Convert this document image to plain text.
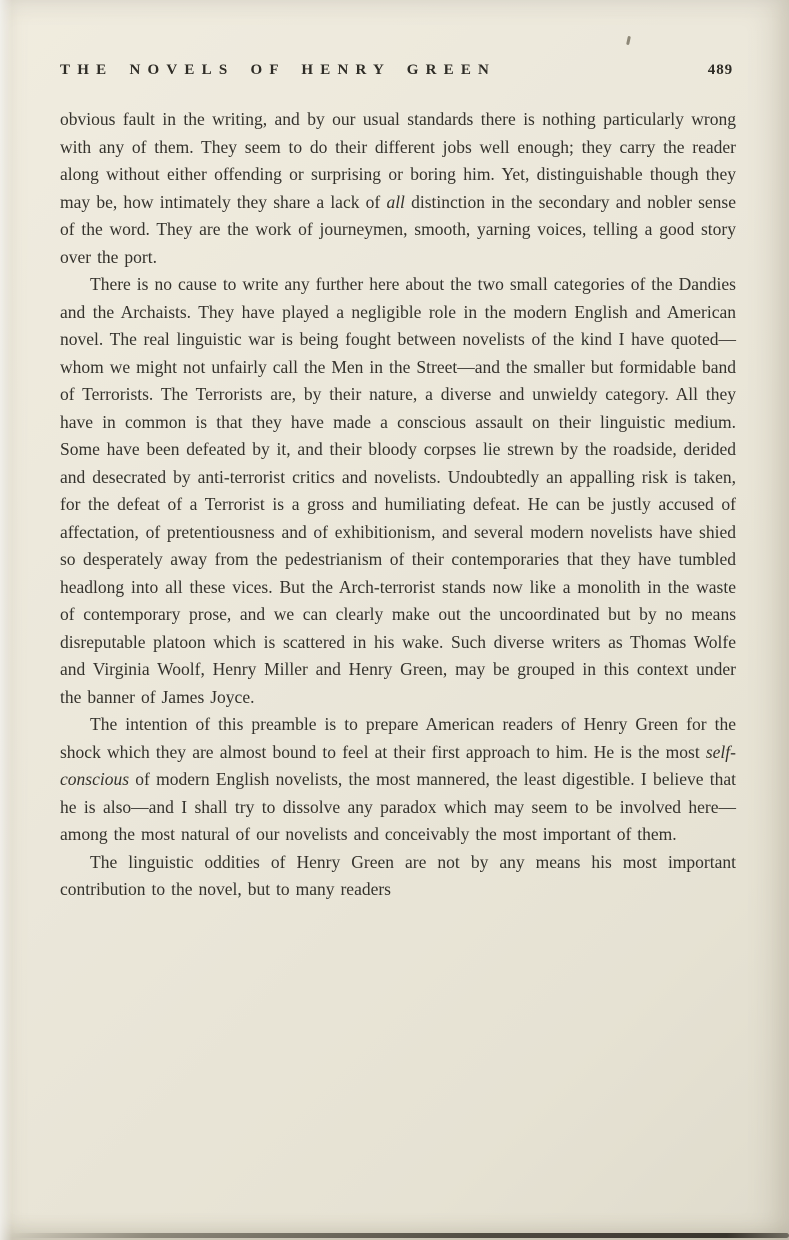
THE NOVELS OF HENRY GREEN	489

obvious fault in the writing, and by our usual standards there is nothing particularly wrong with any of them. They seem to do their different jobs well enough; they carry the reader along without either offending or surprising or boring him. Yet, distinguishable though they may be, how intimately they share a lack of all distinction in the secondary and nobler sense of the word. They are the work of journeymen, smooth, yarning voices, telling a good story over the port.

There is no cause to write any further here about the two small categories of the Dandies and the Archaists. They have played a negligible role in the modern English and American novel. The real linguistic war is being fought between novelists of the kind I have quoted—whom we might not unfairly call the Men in the Street—and the smaller but formidable band of Terrorists. The Terrorists are, by their nature, a diverse and unwieldy category. All they have in common is that they have made a conscious assault on their linguistic medium. Some have been defeated by it, and their bloody corpses lie strewn by the roadside, derided and desecrated by anti-terrorist critics and novelists. Undoubtedly an appalling risk is taken, for the defeat of a Terrorist is a gross and humiliating defeat. He can be justly accused of affectation, of pretentiousness and of exhibitionism, and several modern novelists have shied so desperately away from the pedestrianism of their contemporaries that they have tumbled headlong into all these vices. But the Arch-terrorist stands now like a monolith in the waste of contemporary prose, and we can clearly make out the uncoordinated but by no means disreputable platoon which is scattered in his wake. Such diverse writers as Thomas Wolfe and Virginia Woolf, Henry Miller and Henry Green, may be grouped in this context under the banner of James Joyce.

The intention of this preamble is to prepare American readers of Henry Green for the shock which they are almost bound to feel at their first approach to him. He is the most self-conscious of modern English novelists, the most mannered, the least digestible. I believe that he is also—and I shall try to dissolve any paradox which may seem to be involved here—among the most natural of our novelists and conceivably the most important of them.

The linguistic oddities of Henry Green are not by any means his most important contribution to the novel, but to many readers
